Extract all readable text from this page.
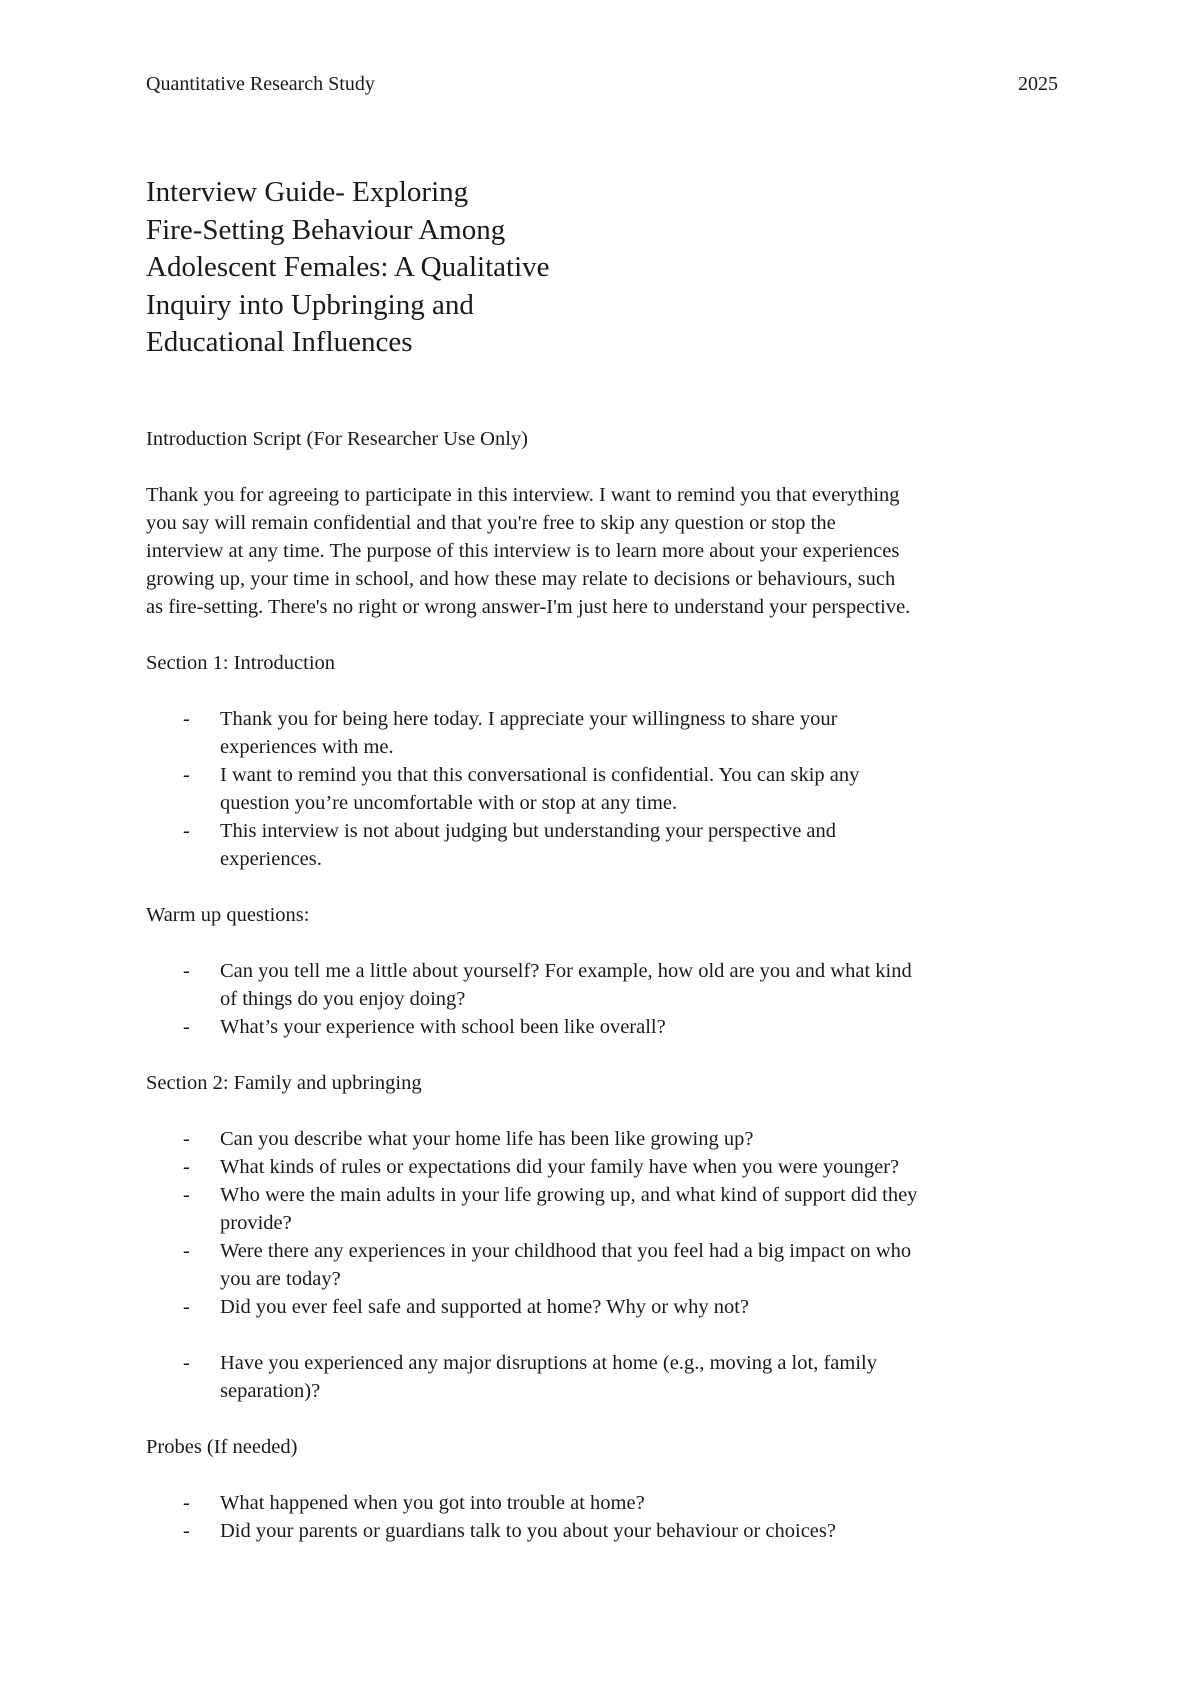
Quantitative Research Study	2025
Interview Guide- Exploring
Fire-Setting Behaviour Among
Adolescent Females: A Qualitative
Inquiry into Upbringing and
Educational Influences

Introduction Script (For Researcher Use Only)

Thank you for agreeing to participate in this interview. I want to remind you that everything
you say will remain confidential and that you're free to skip any question or stop the
interview at any time. The purpose of this interview is to learn more about your experiences
growing up, your time in school, and how these may relate to decisions or behaviours, such
as fire-setting. There's no right or wrong answer-I'm just here to understand your perspective.

Section 1: Introduction

- Thank you for being here today. I appreciate your willingness to share your
experiences with me.
- I want to remind you that this conversational is confidential. You can skip any
question you’re uncomfortable with or stop at any time.
- This interview is not about judging but understanding your perspective and
experiences.

Warm up questions:

- Can you tell me a little about yourself? For example, how old are you and what kind
of things do you enjoy doing?
- What’s your experience with school been like overall?

Section 2: Family and upbringing

- Can you describe what your home life has been like growing up?
- What kinds of rules or expectations did your family have when you were younger?
- Who were the main adults in your life growing up, and what kind of support did they
provide?
- Were there any experiences in your childhood that you feel had a big impact on who
you are today?
- Did you ever feel safe and supported at home? Why or why not?
- Have you experienced any major disruptions at home (e.g., moving a lot, family
separation)?

Probes (If needed)

- What happened when you got into trouble at home?
- Did your parents or guardians talk to you about your behaviour or choices?
